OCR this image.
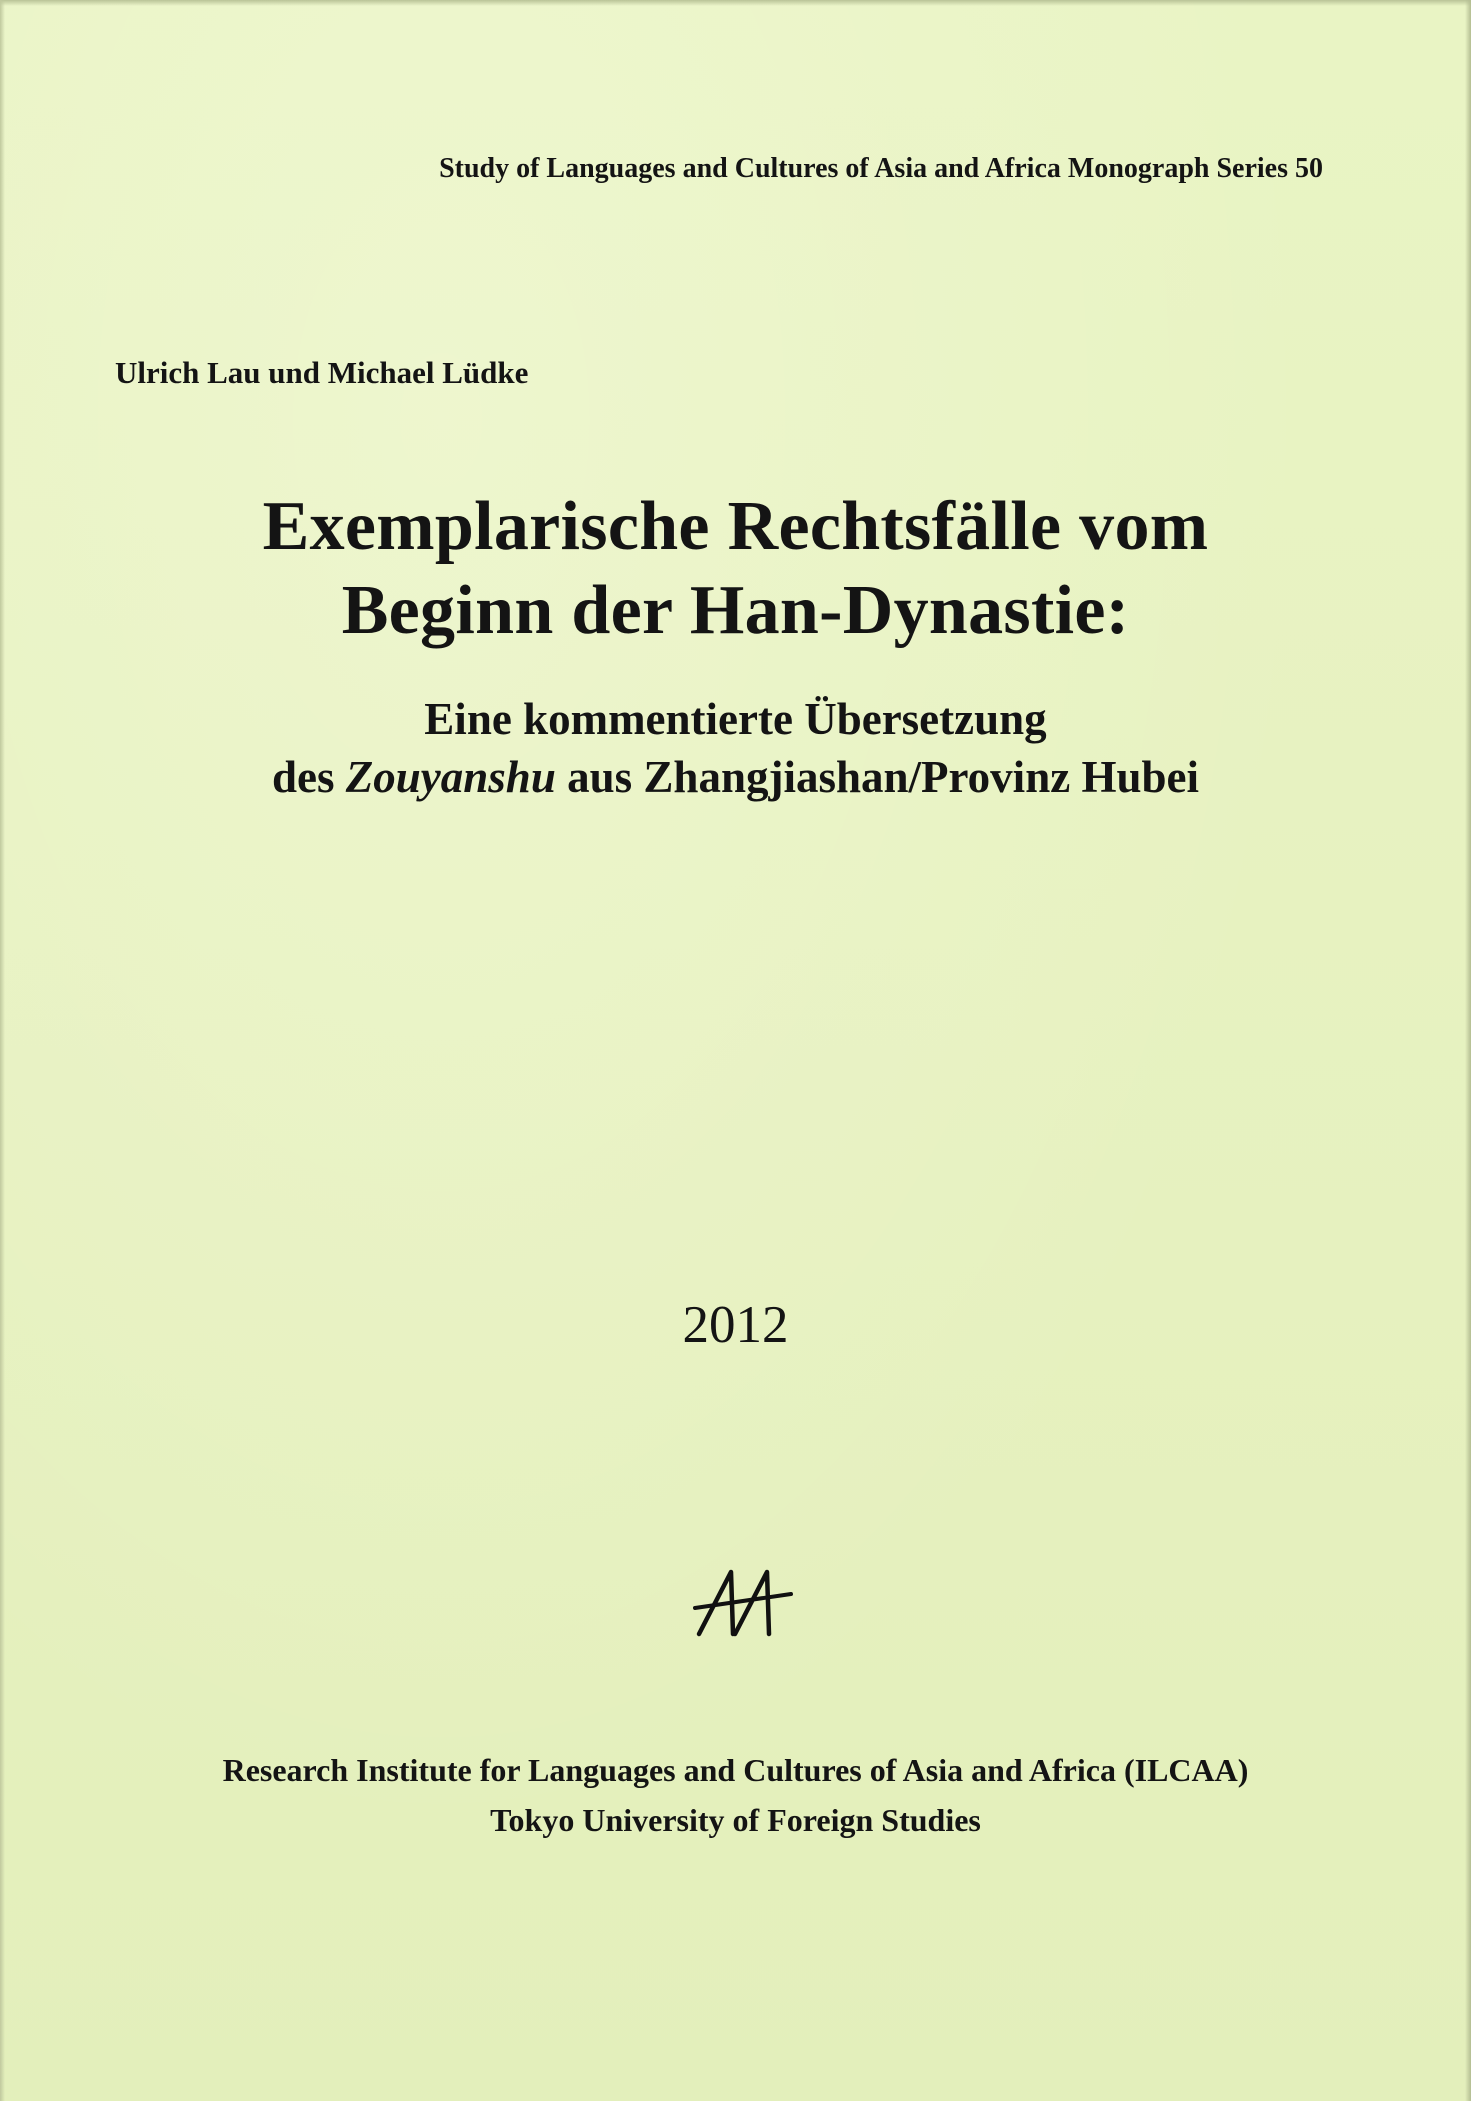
Study of Languages and Cultures of Asia and Africa Monograph Series 50
Ulrich Lau und Michael Lüdke
Exemplarische Rechtsfälle vom
Beginn der Han-Dynastie:
Eine kommentierte Übersetzung
des Zouyanshu aus Zhangjiashan/Provinz Hubei
2012
Research Institute for Languages and Cultures of Asia and Africa (ILCAA)
Tokyo University of Foreign Studies
